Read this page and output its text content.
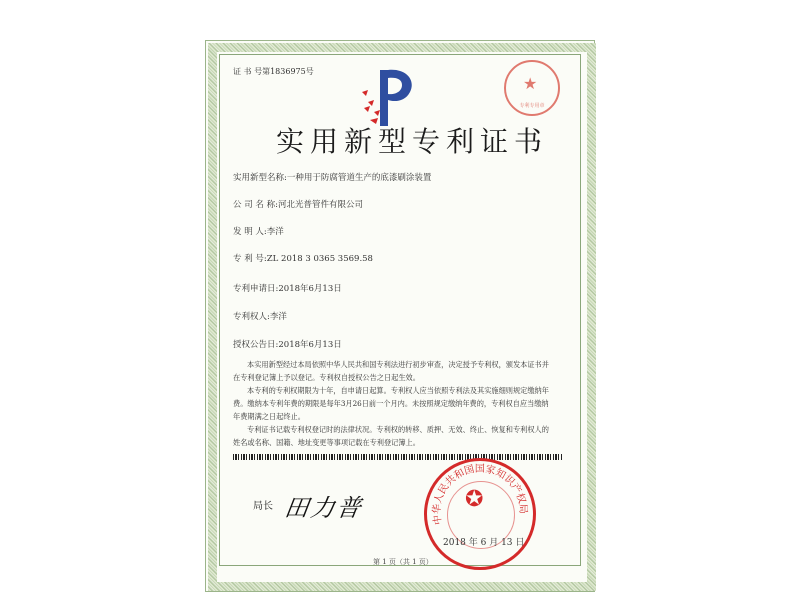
证 书 号第1836975号
★
专利专用章
实用新型专利证书
实用新型名称:一种用于防腐管道生产的底漆刷涂装置
公 司 名 称:河北光普管件有限公司
发 明 人:李洋
专 利 号:ZL 2018 3 0365 3569.58
专利申请日:2018年6月13日
专利权人:李洋
授权公告日:2018年6月13日
本实用新型经过本局依照中华人民共和国专利法进行初步审查，决定授予专利权，颁发本证书并在专利登记簿上予以登记。专利权自授权公告之日起生效。
本专利的专利权期限为十年，自申请日起算。专利权人应当依照专利法及其实施细则规定缴纳年费。缴纳本专利年费的期限是每年3月26日前一个月内。未按照规定缴纳年费的，专利权自应当缴纳年费期满之日起终止。
专利证书记载专利权登记时的法律状况。专利权的转移、质押、无效、终止、恢复和专利权人的姓名或名称、国籍、地址变更等事项记载在专利登记簿上。
局长 田力普	中华人民共和国国家知识产权局
✪
2018 年 6 月 13 日
第 1 页（共 1 页）
